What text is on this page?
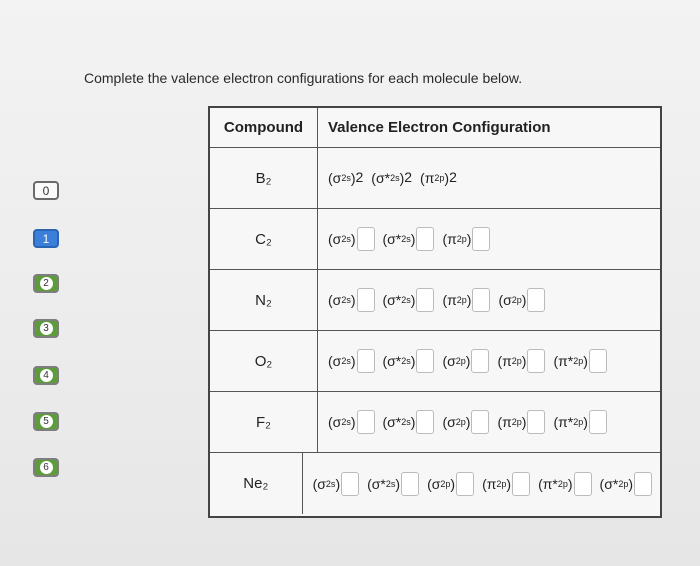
Complete the valence electron configurations for each molecule below.
Compound	Valence Electron Configuration
B₂	(σ 2s ) 2 (σ* 2s ) 2 (π 2p ) 2
C₂	(σ 2s ) (σ* 2s ) (π 2p )
N₂	(σ 2s ) (σ* 2s ) (π 2p ) (σ 2p )
O₂	(σ 2s ) (σ* 2s ) (σ 2p ) (π 2p ) (π* 2p )
F₂	(σ 2s ) (σ* 2s ) (σ 2p ) (π 2p ) (π* 2p )
Ne₂	(σ 2s ) (σ* 2s ) (σ 2p ) (π 2p ) (π* 2p ) (σ* 2p )
0
1
2
3
4
5
6
